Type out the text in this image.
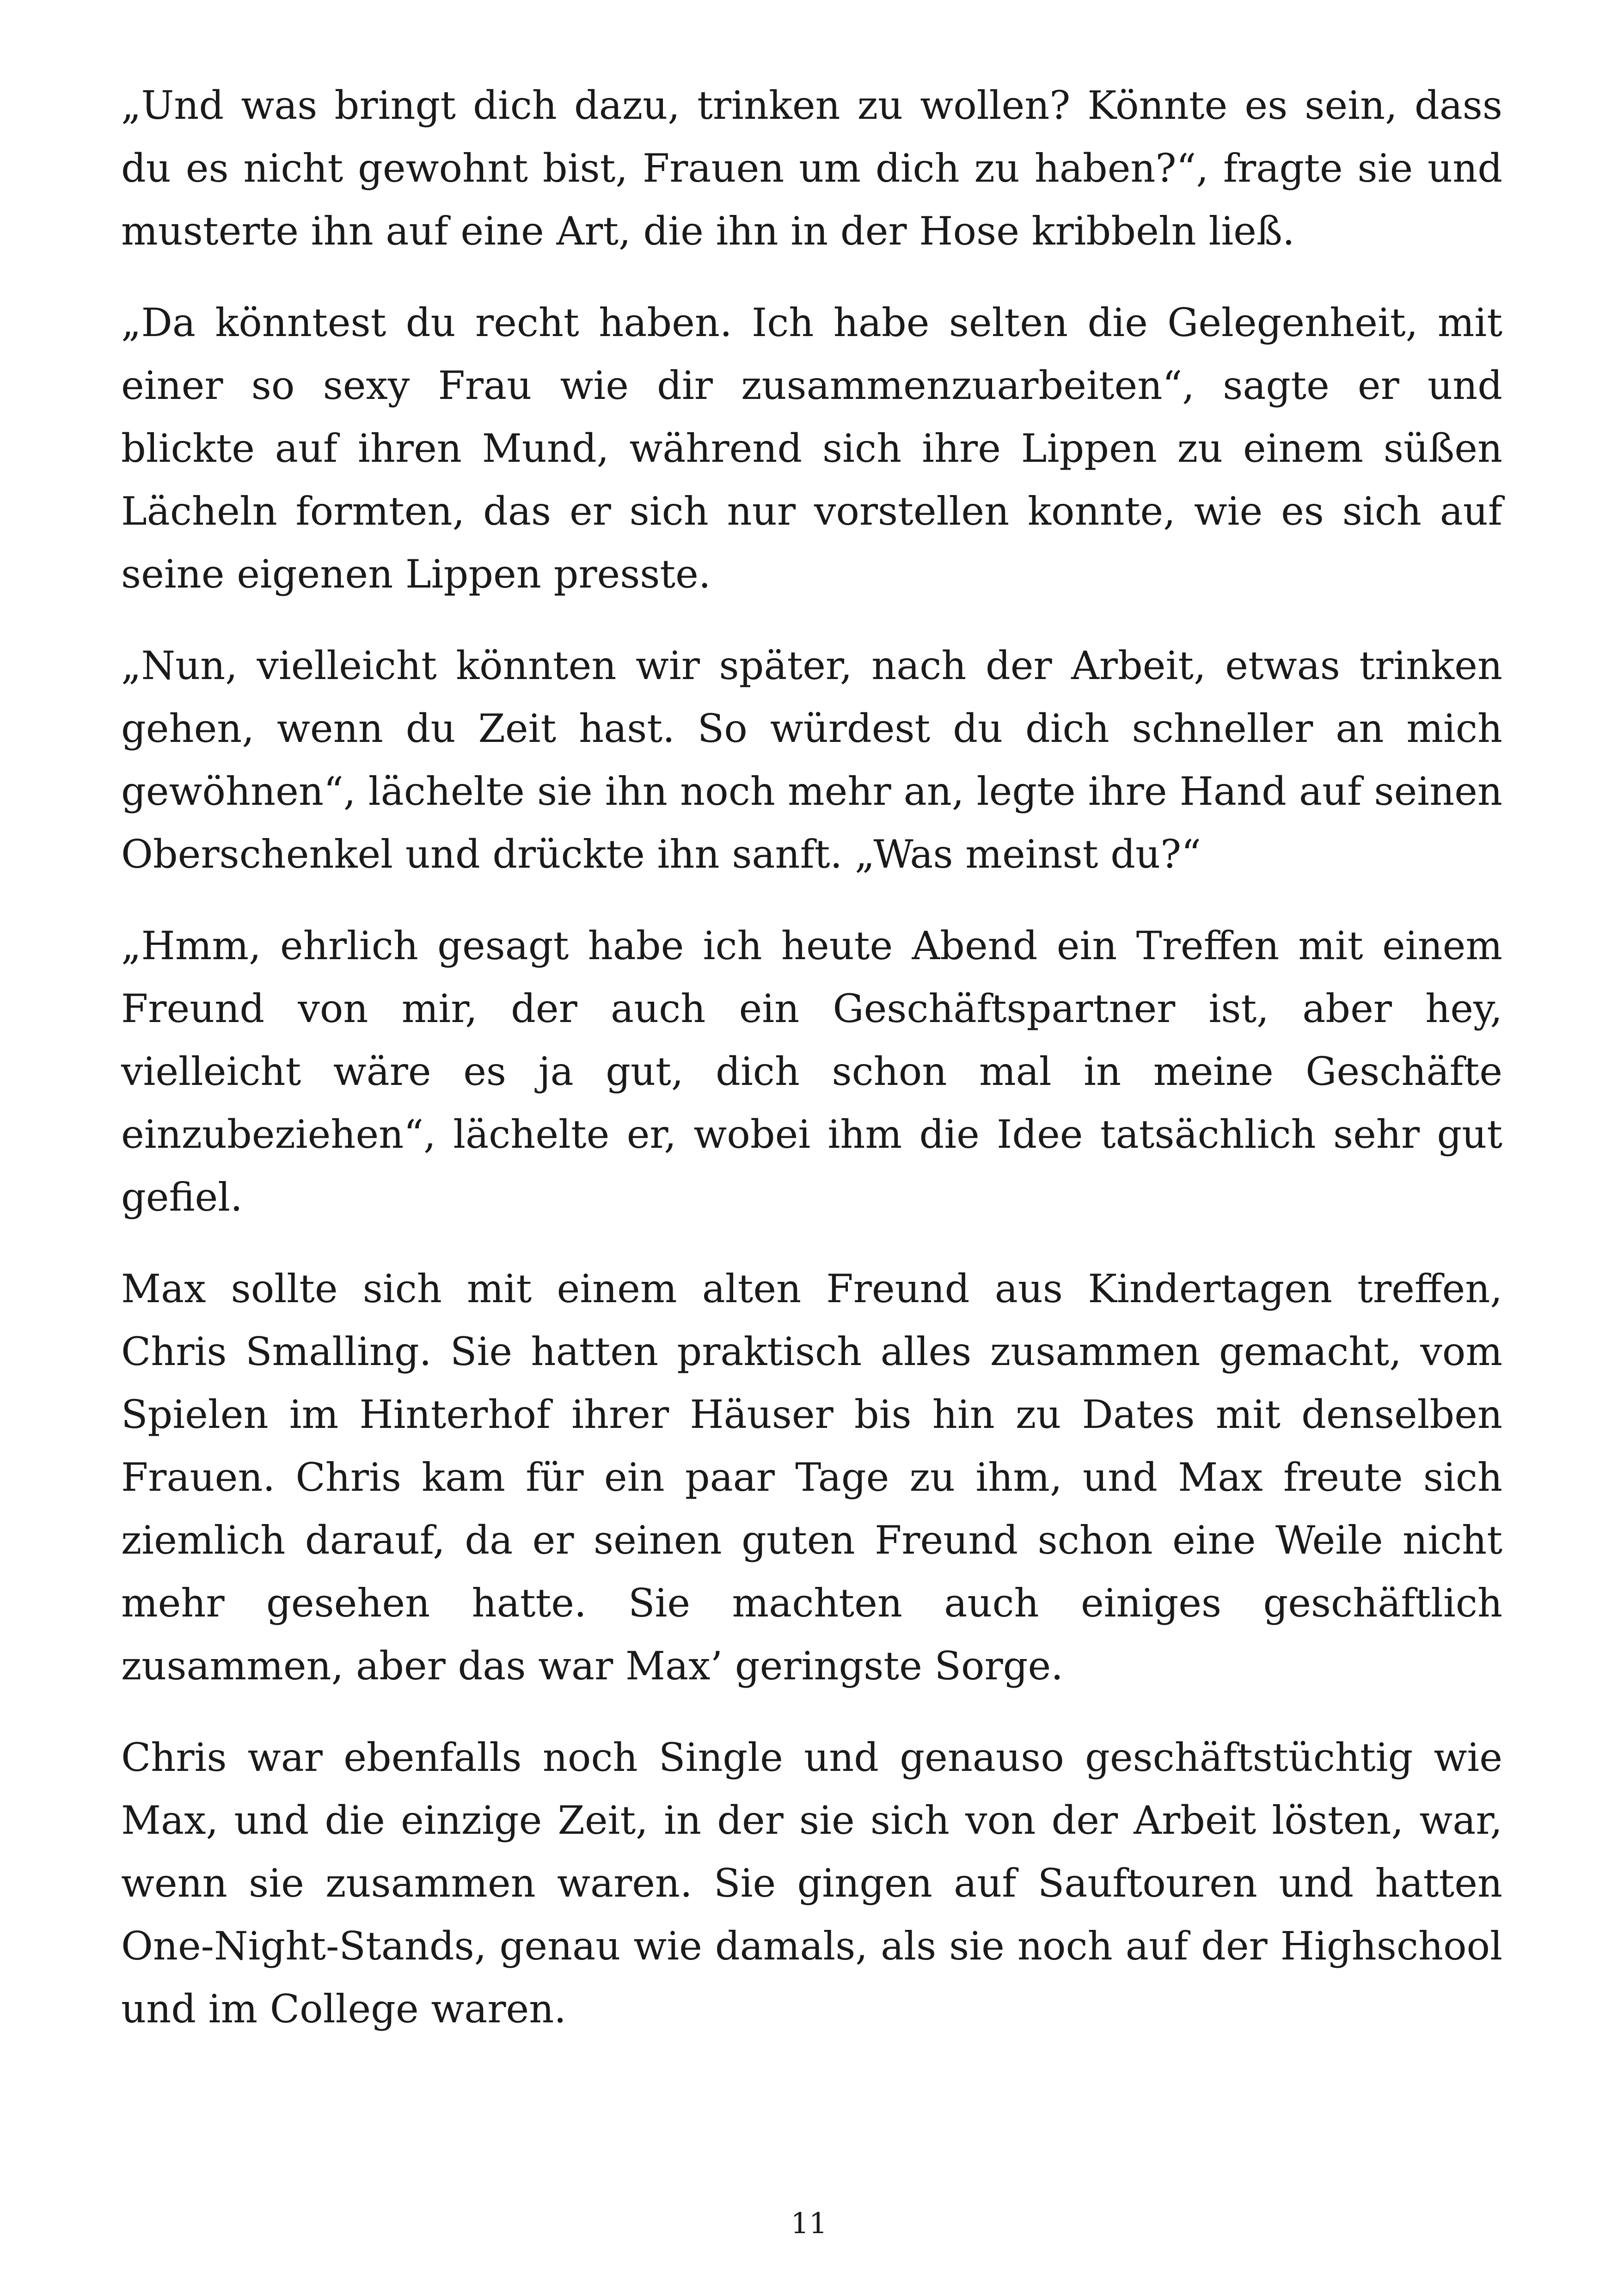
„Und was bringt dich dazu, trinken zu wollen? Könnte es sein, dass du es nicht gewohnt bist, Frauen um dich zu haben?“, fragte sie und musterte ihn auf eine Art, die ihn in der Hose kribbeln ließ.

„Da könntest du recht haben. Ich habe selten die Gelegenheit, mit einer so sexy Frau wie dir zusammenzuarbeiten“, sagte er und blickte auf ihren Mund, während sich ihre Lippen zu einem süßen Lächeln formten, das er sich nur vorstellen konnte, wie es sich auf seine eigenen Lippen presste.

„Nun, vielleicht könnten wir später, nach der Arbeit, etwas trinken gehen, wenn du Zeit hast. So würdest du dich schneller an mich gewöhnen“, lächelte sie ihn noch mehr an, legte ihre Hand auf seinen Oberschenkel und drückte ihn sanft. „Was meinst du?“

„Hmm, ehrlich gesagt habe ich heute Abend ein Treffen mit einem Freund von mir, der auch ein Geschäftspartner ist, aber hey, vielleicht wäre es ja gut, dich schon mal in meine Geschäfte einzubeziehen“, lächelte er, wobei ihm die Idee tatsächlich sehr gut gefiel.

Max sollte sich mit einem alten Freund aus Kindertagen treffen, Chris Smalling. Sie hatten praktisch alles zusammen gemacht, vom Spielen im Hinterhof ihrer Häuser bis hin zu Dates mit denselben Frauen. Chris kam für ein paar Tage zu ihm, und Max freute sich ziemlich darauf, da er seinen guten Freund schon eine Weile nicht mehr gesehen hatte. Sie machten auch einiges geschäftlich zusammen, aber das war Max’ geringste Sorge.

Chris war ebenfalls noch Single und genauso geschäftstüchtig wie Max, und die einzige Zeit, in der sie sich von der Arbeit lösten, war, wenn sie zusammen waren. Sie gingen auf Sauftouren und hatten One-Night-Stands, genau wie damals, als sie noch auf der Highschool und im College waren.

11
